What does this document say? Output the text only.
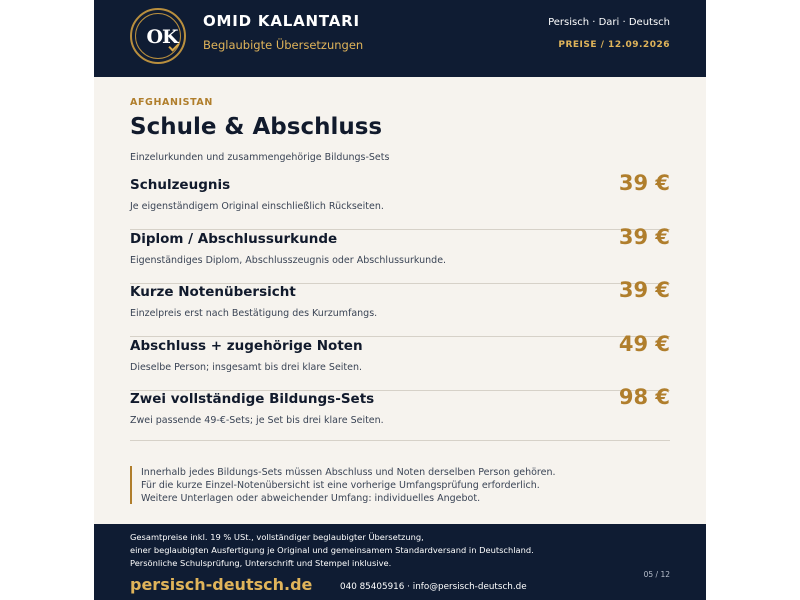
OK
OMID KALANTARI
Beglaubigte Übersetzungen
Persisch · Dari · Deutsch
PREISE / 12.09.2026
AFGHANISTAN
Schule & Abschluss
Einzelurkunden und zusammengehörige Bildungs-Sets
Schulzeugnis
Je eigenständigem Original einschließlich Rückseiten.
39 €
Diplom / Abschlussurkunde
Eigenständiges Diplom, Abschlusszeugnis oder Abschlussurkunde.
39 €
Kurze Notenübersicht
Einzelpreis erst nach Bestätigung des Kurzumfangs.
39 €
Abschluss + zugehörige Noten
Dieselbe Person; insgesamt bis drei klare Seiten.
49 €
Zwei vollständige Bildungs-Sets
Zwei passende 49-€-Sets; je Set bis drei klare Seiten.
98 €
Innerhalb jedes Bildungs-Sets müssen Abschluss und Noten derselben Person gehören.
Für die kurze Einzel-Notenübersicht ist eine vorherige Umfangsprüfung erforderlich.
Weitere Unterlagen oder abweichender Umfang: individuelles Angebot.
Gesamtpreise inkl. 19 % USt., vollständiger beglaubigter Übersetzung,
einer beglaubigten Ausfertigung je Original und gemeinsamem Standardversand in Deutschland.
Persönliche Schulsprüfung, Unterschrift und Stempel inklusive.
persisch-deutsch.de	040 85405916 · info@persisch-deutsch.de
05 / 12
